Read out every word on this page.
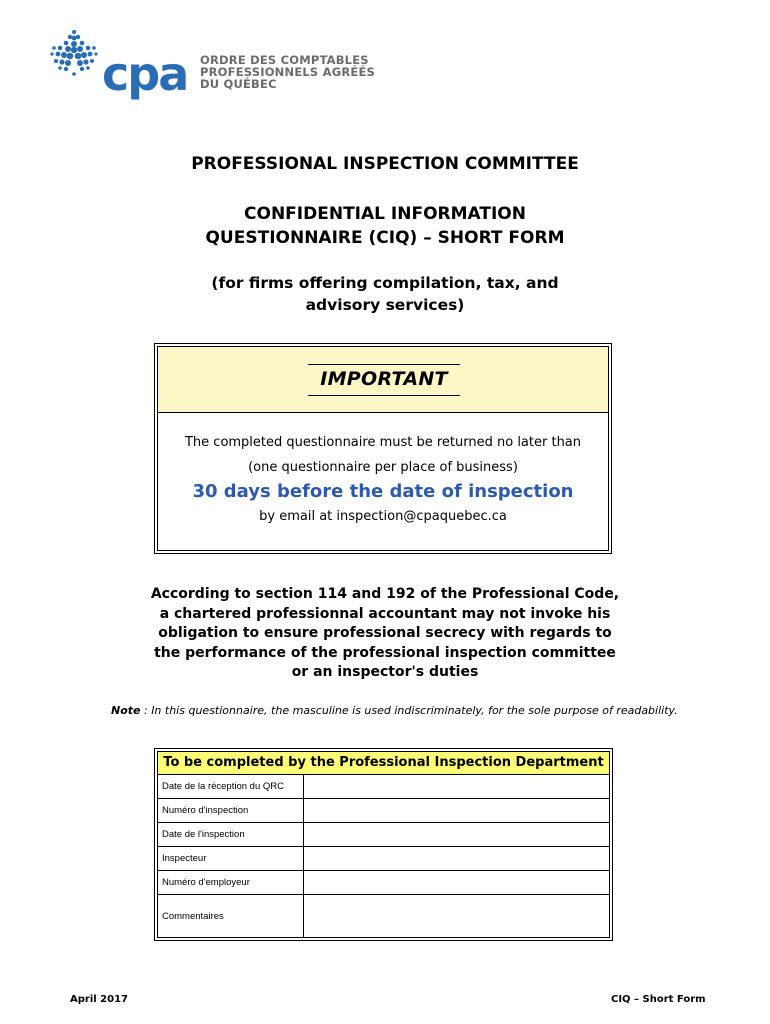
cpa ORDRE DES COMPTABLES
PROFESSIONNELS AGRÉÉS
DU QUÉBEC
PROFESSIONAL INSPECTION COMMITTEE
CONFIDENTIAL INFORMATION
QUESTIONNAIRE (CIQ) – SHORT FORM
(for firms offering compilation, tax, and
advisory services)
IMPORTANT
The completed questionnaire must be returned no later than
(one questionnaire per place of business)
30 days before the date of inspection
by email at inspection@cpaquebec.ca
According to section 114 and 192 of the Professional Code,
a chartered professionnal accountant may not invoke his
obligation to ensure professional secrecy with regards to
the performance of the professional inspection committee
or an inspector's duties
Note : In this questionnaire, the masculine is used indiscriminately, for the sole purpose of readability.
To be completed by the Professional Inspection Department
Date de la réception du QRC
Numéro d'inspection
Date de l'inspection
Inspecteur
Numéro d'employeur
Commentaires
April 2017	CIQ – Short Form
